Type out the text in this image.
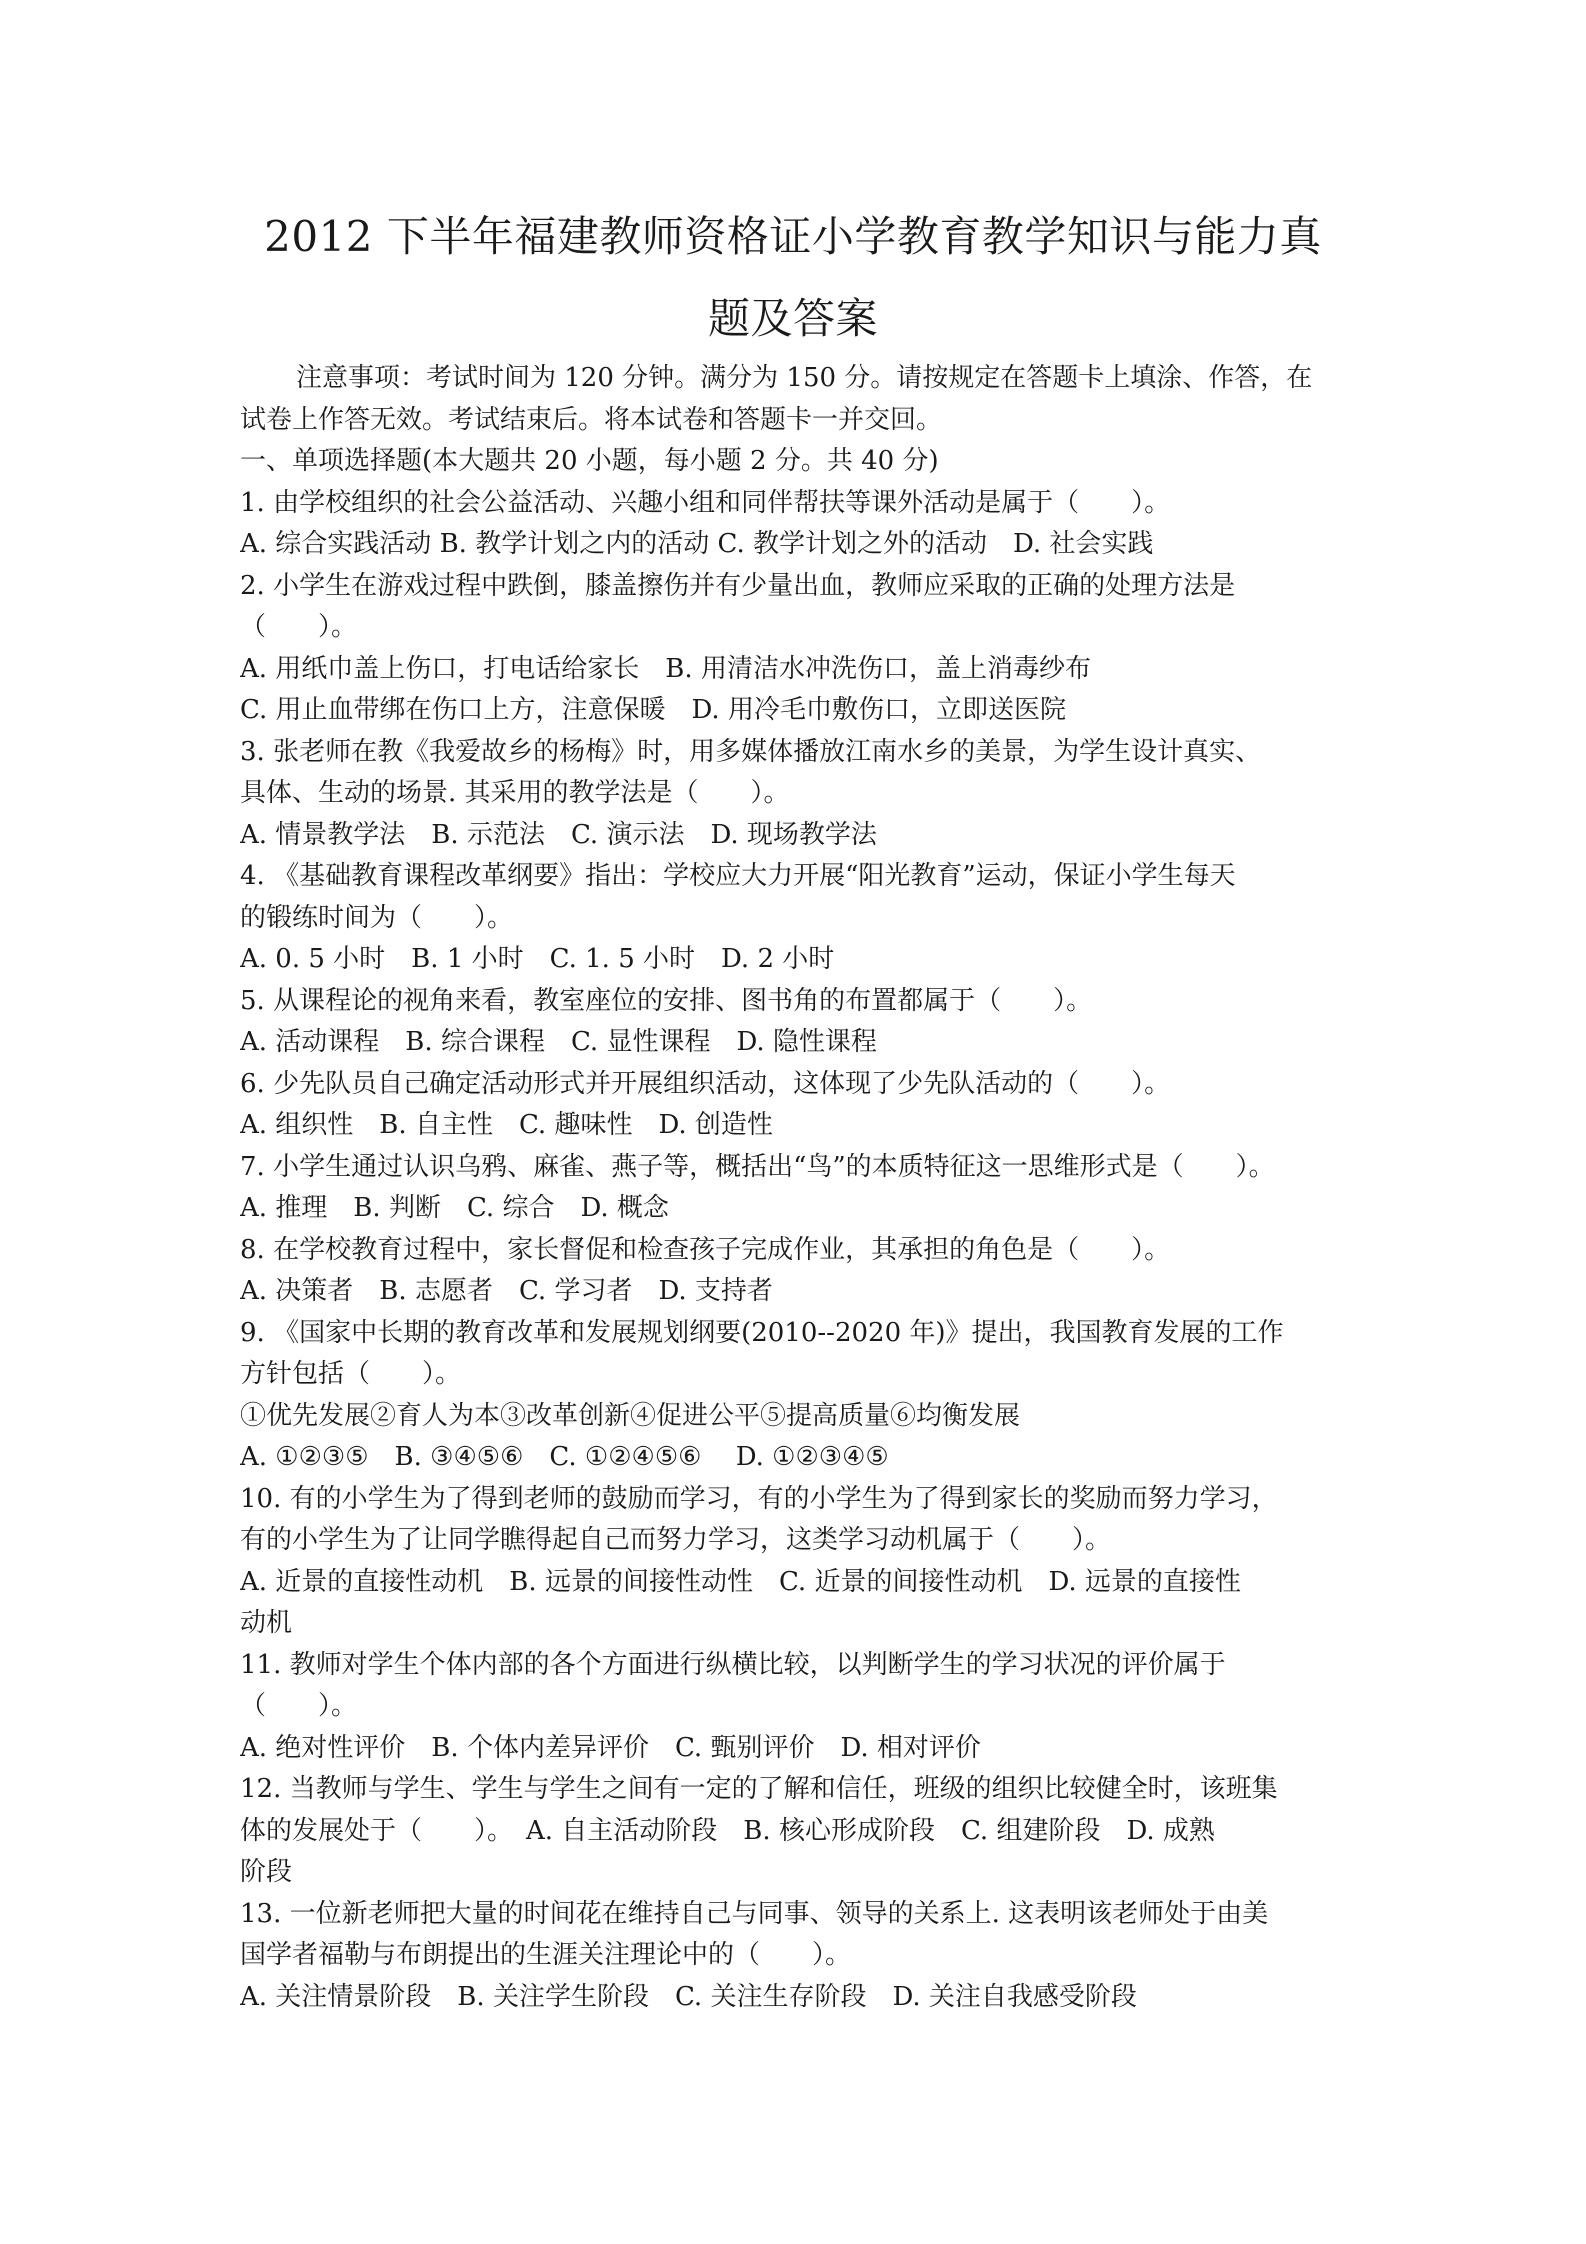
2012 下半年福建教师资格证小学教育教学知识与能力真
题及答案
注意事项：考试时间为 120 分钟。满分为 150 分。请按规定在答题卡上填涂、作答，在
试卷上作答无效。考试结束后。将本试卷和答题卡一并交回。
一、单项选择题(本大题共 20 小题，每小题 2 分。共 40 分)
1. 由学校组织的社会公益活动、兴趣小组和同伴帮扶等课外活动是属于（　　）。
A. 综合实践活动 B. 教学计划之内的活动 C. 教学计划之外的活动　D. 社会实践
2. 小学生在游戏过程中跌倒，膝盖擦伤并有少量出血，教师应采取的正确的处理方法是
（　　）。
A. 用纸巾盖上伤口，打电话给家长　B. 用清洁水冲洗伤口，盖上消毒纱布
C. 用止血带绑在伤口上方，注意保暖　D. 用冷毛巾敷伤口，立即送医院
3. 张老师在教《我爱故乡的杨梅》时，用多媒体播放江南水乡的美景，为学生设计真实、
具体、生动的场景. 其采用的教学法是（　　）。
A. 情景教学法　B. 示范法　C. 演示法　D. 现场教学法
4. 《基础教育课程改革纲要》指出：学校应大力开展“阳光教育”运动，保证小学生每天
的锻练时间为（　　）。
A. 0. 5 小时　B. 1 小时　C. 1. 5 小时　D. 2 小时
5. 从课程论的视角来看，教室座位的安排、图书角的布置都属于（　　）。
A. 活动课程　B. 综合课程　C. 显性课程　D. 隐性课程
6. 少先队员自己确定活动形式并开展组织活动，这体现了少先队活动的（　　）。
A. 组织性　B. 自主性　C. 趣味性　D. 创造性
7. 小学生通过认识乌鸦、麻雀、燕子等，概括出“鸟”的本质特征这一思维形式是（　　）。
A. 推理　B. 判断　C. 综合　D. 概念
8. 在学校教育过程中，家长督促和检查孩子完成作业，其承担的角色是（　　）。
A. 决策者　B. 志愿者　C. 学习者　D. 支持者
9. 《国家中长期的教育改革和发展规划纲要(2010--2020 年)》提出，我国教育发展的工作
方针包括（　　）。
①优先发展②育人为本③改革创新④促进公平⑤提高质量⑥均衡发展
A. ①②③⑤　B. ③④⑤⑥　C. ①②④⑤⑥　 D. ①②③④⑤
10. 有的小学生为了得到老师的鼓励而学习，有的小学生为了得到家长的奖励而努力学习，
有的小学生为了让同学瞧得起自己而努力学习，这类学习动机属于（　　）。
A. 近景的直接性动机　B. 远景的间接性动性　C. 近景的间接性动机　D. 远景的直接性
动机
11. 教师对学生个体内部的各个方面进行纵横比较，以判断学生的学习状况的评价属于
（　　）。
A. 绝对性评价　B. 个体内差异评价　C. 甄别评价　D. 相对评价
12. 当教师与学生、学生与学生之间有一定的了解和信任，班级的组织比较健全时，该班集
体的发展处于（　　）。　A. 自主活动阶段　B. 核心形成阶段　C. 组建阶段　D. 成熟
阶段
13. 一位新老师把大量的时间花在维持自己与同事、领导的关系上. 这表明该老师处于由美
国学者福勒与布朗提出的生涯关注理论中的（　　）。
A. 关注情景阶段　B. 关注学生阶段　C. 关注生存阶段　D. 关注自我感受阶段
